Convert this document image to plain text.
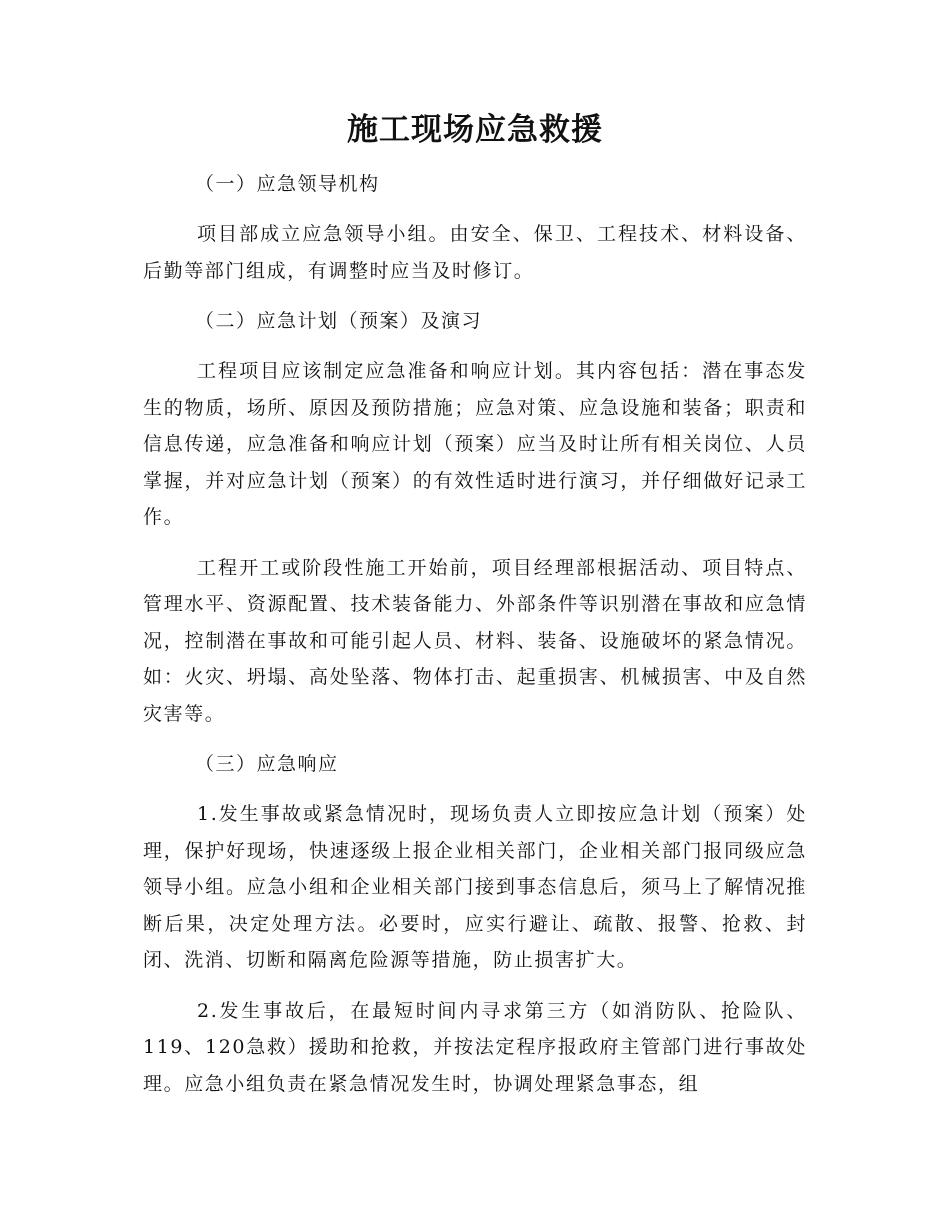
施工现场应急救援

（一）应急领导机构

项目部成立应急领导小组。由安全、保卫、工程技术、材料设备、后勤等部门组成，有调整时应当及时修订。

（二）应急计划（预案）及演习

工程项目应该制定应急准备和响应计划。其内容包括：潜在事态发生的物质，场所、原因及预防措施；应急对策、应急设施和装备；职责和信息传递，应急准备和响应计划（预案）应当及时让所有相关岗位、人员掌握，并对应急计划（预案）的有效性适时进行演习，并仔细做好记录工作。

工程开工或阶段性施工开始前，项目经理部根据活动、项目特点、管理水平、资源配置、技术装备能力、外部条件等识别潜在事故和应急情况，控制潜在事故和可能引起人员、材料、装备、设施破坏的紧急情况。如：火灾、坍塌、高处坠落、物体打击、起重损害、机械损害、中及自然灾害等。

（三）应急响应

1.发生事故或紧急情况时，现场负责人立即按应急计划（预案）处理，保护好现场，快速逐级上报企业相关部门，企业相关部门报同级应急领导小组。应急小组和企业相关部门接到事态信息后，须马上了解情况推断后果，决定处理方法。必要时，应实行避让、疏散、报警、抢救、封闭、洗消、切断和隔离危险源等措施，防止损害扩大。

2.发生事故后，在最短时间内寻求第三方（如消防队、抢险队、119、120急救）援助和抢救，并按法定程序报政府主管部门进行事故处理。应急小组负责在紧急情况发生时，协调处理紧急事态，组
